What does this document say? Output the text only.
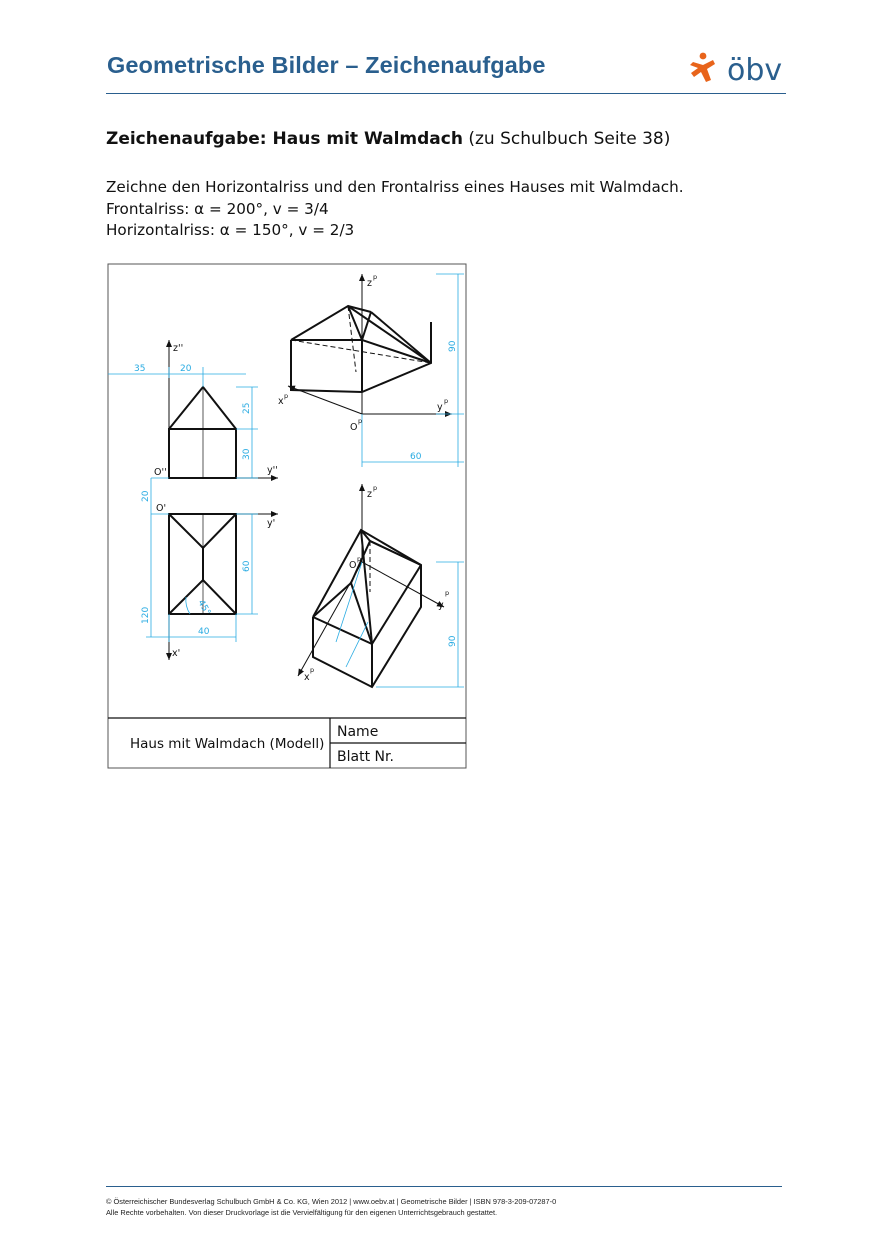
Geometrische Bilder – Zeichenaufgabe	öbv
Zeichenaufgabe: Haus mit Walmdach (zu Schulbuch Seite 38)
Zeichne den Horizontalriss und den Frontalriss eines Hauses mit Walmdach.
Frontalriss: α = 200°, v = 3/4
Horizontalriss: α = 150°, v = 2/3
35	20
25
30
20
60
120
40
45°
z''
y''
O''
y'
O'
x'
90
60
z
p
x p
y
p
O
p
90
z
p
O
p
y
p
x
p
Haus mit Walmdach (Modell)
Name
Blatt Nr.
© Österreichischer Bundesverlag Schulbuch GmbH & Co. KG, Wien 2012 | www.oebv.at | Geometrische Bilder | ISBN 978-3-209-07287-0
Alle Rechte vorbehalten. Von dieser Druckvorlage ist die Vervielfältigung für den eigenen Unterrichtsgebrauch gestattet.
